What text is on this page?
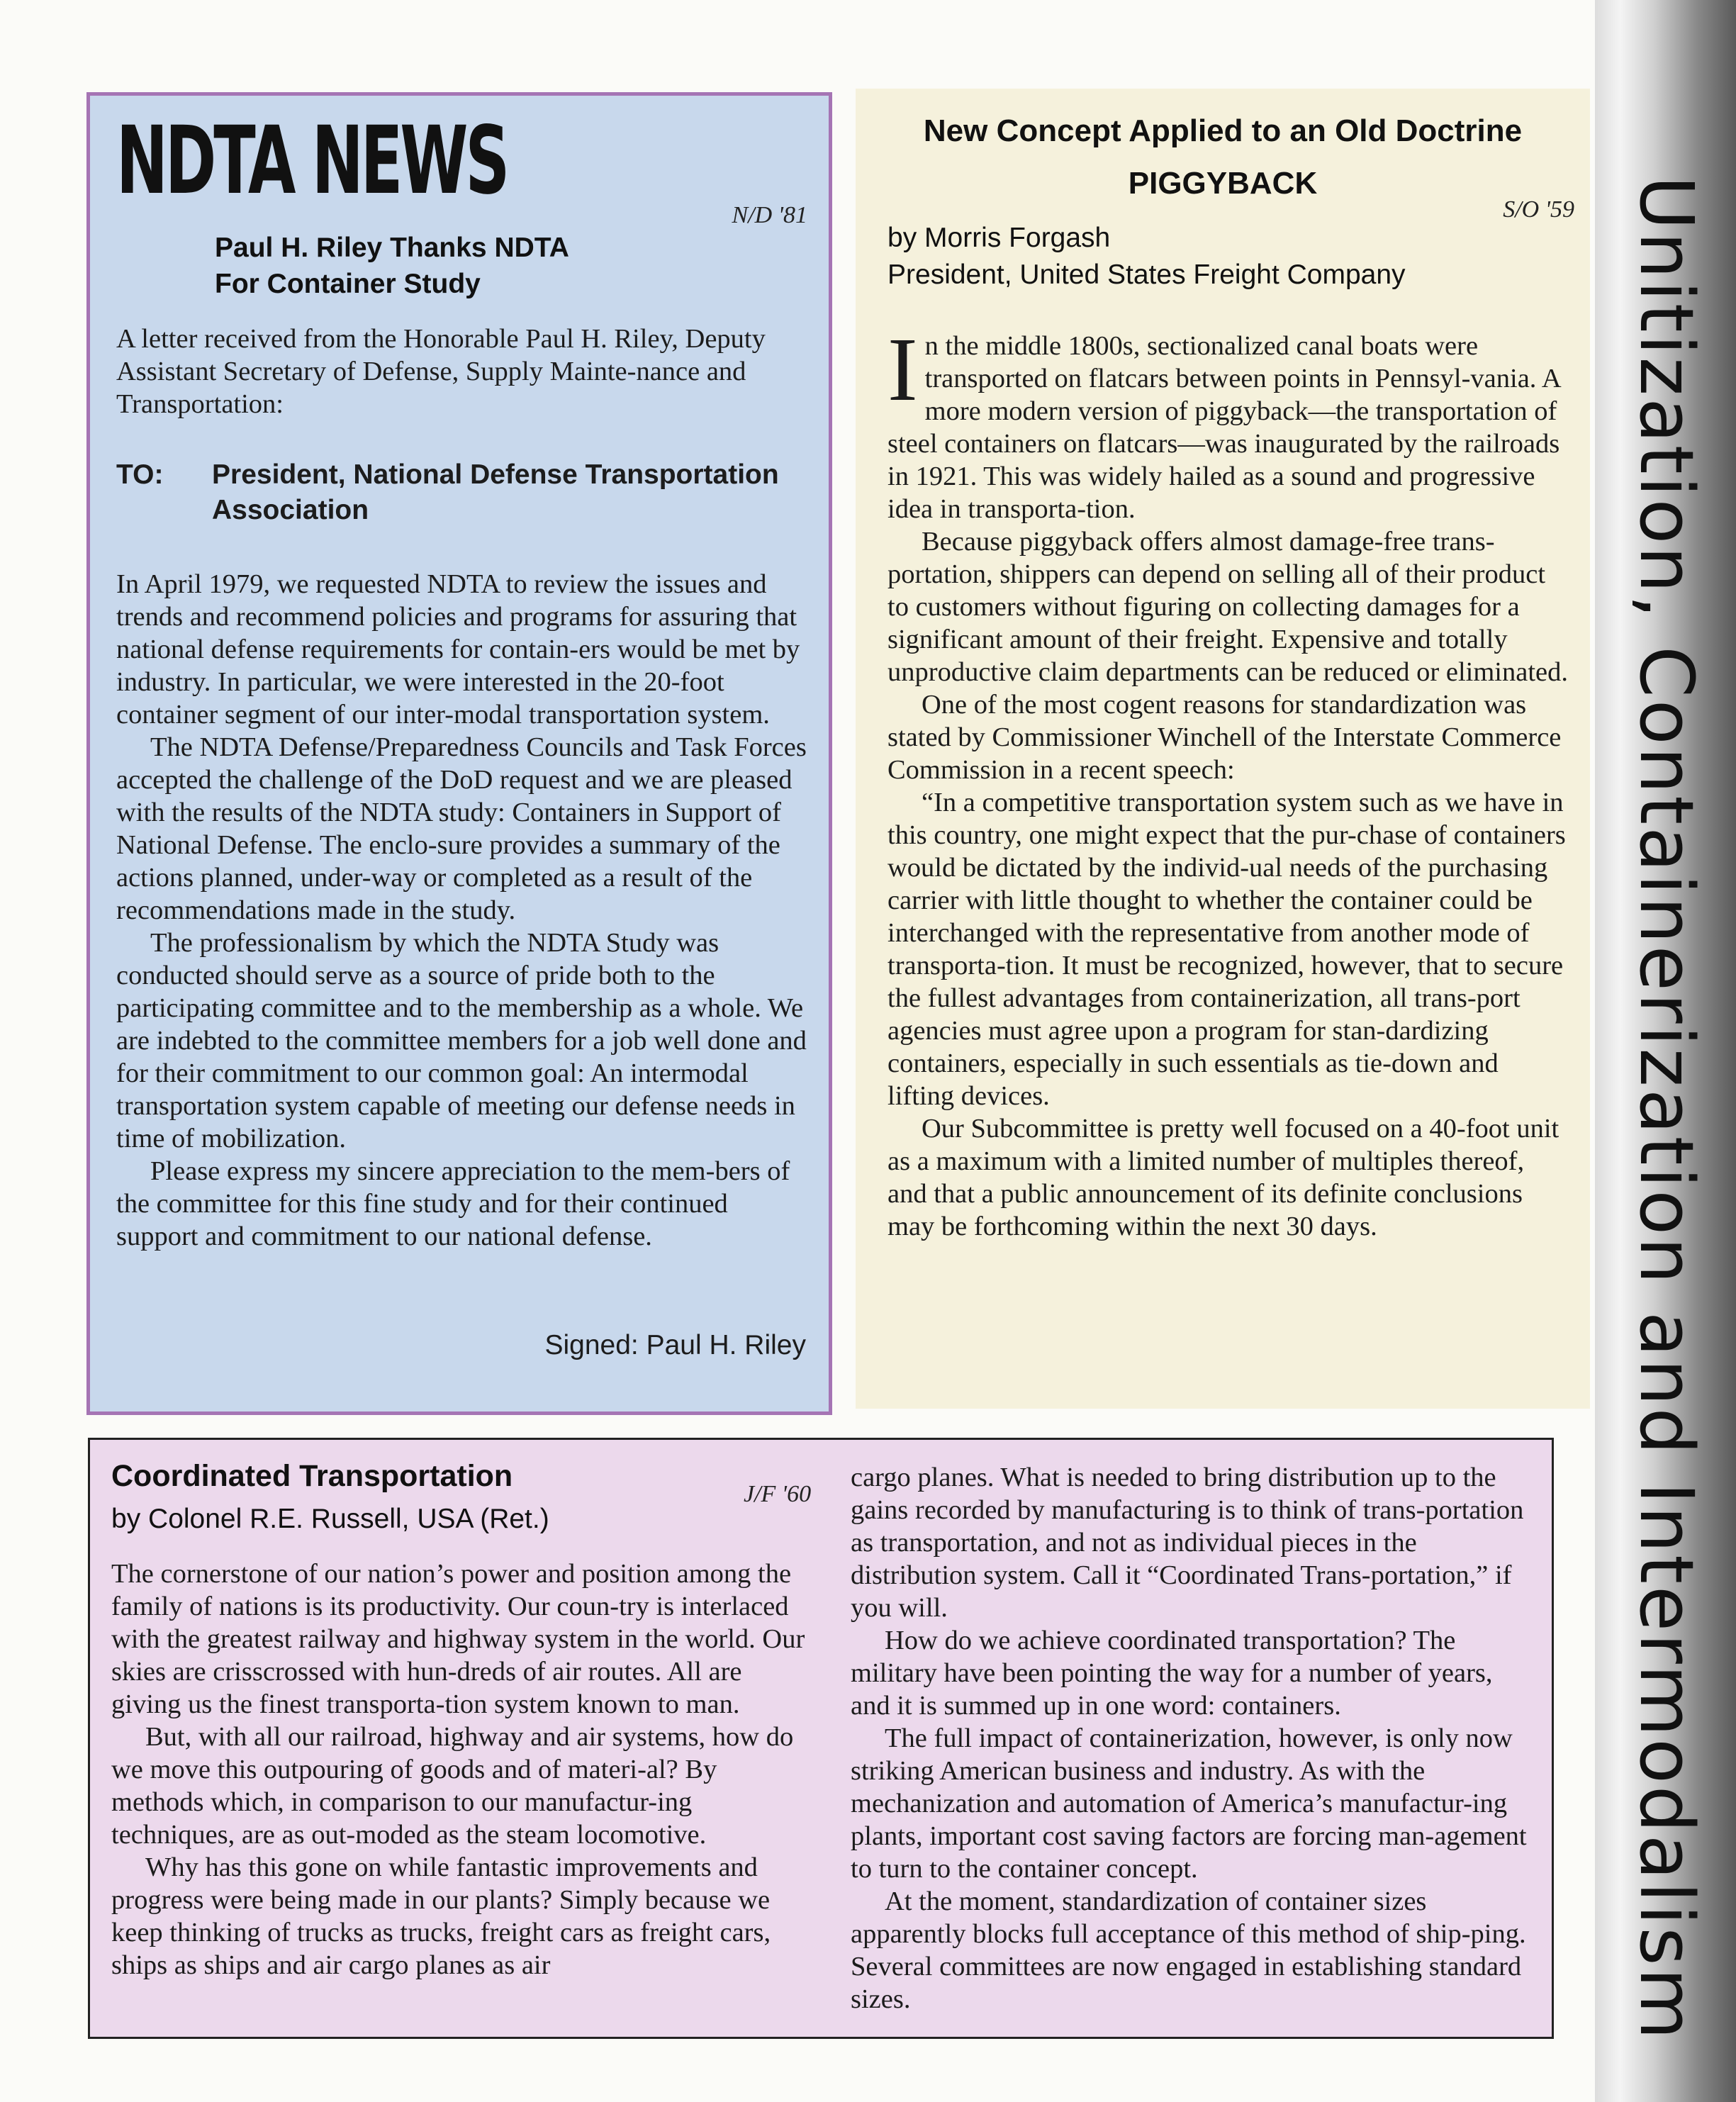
NDTA NEWS	N/D '81
Paul H. Riley Thanks NDTA
For Container Study

A letter received from the Honorable Paul H. Riley, Deputy Assistant Secretary of Defense, Supply Mainte-nance and Transportation:

TO: President, National Defense Transportation Association

In April 1979, we requested NDTA to review the issues and trends and recommend policies and programs for assuring that national defense requirements for contain-ers would be met by industry. In particular, we were interested in the 20-foot container segment of our inter-modal transportation system.

The NDTA Defense/Preparedness Councils and Task Forces accepted the challenge of the DoD request and we are pleased with the results of the NDTA study: Containers in Support of National Defense. The enclo-sure provides a summary of the actions planned, under-way or completed as a result of the recommendations made in the study.

The professionalism by which the NDTA Study was conducted should serve as a source of pride both to the participating committee and to the membership as a whole. We are indebted to the committee members for a job well done and for their commitment to our common goal: An intermodal transportation system capable of meeting our defense needs in time of mobilization.

Please express my sincere appreciation to the mem-bers of the committee for this fine study and for their continued support and commitment to our national defense.

Signed: Paul H. Riley
New Concept Applied to an Old Doctrine
PIGGYBACK
S/O '59
by Morris Forgash
President, United States Freight Company

In the middle 1800s, sectionalized canal boats were transported on flatcars between points in Pennsyl-vania. A more modern version of piggyback—the transportation of steel containers on flatcars—was inaugurated by the railroads in 1921. This was widely hailed as a sound and progressive idea in transporta-tion.

Because piggyback offers almost damage-free trans-portation, shippers can depend on selling all of their product to customers without figuring on collecting damages for a significant amount of their freight. Expensive and totally unproductive claim departments can be reduced or eliminated.

One of the most cogent reasons for standardization was stated by Commissioner Winchell of the Interstate Commerce Commission in a recent speech:

“In a competitive transportation system such as we have in this country, one might expect that the pur-chase of containers would be dictated by the individ-ual needs of the purchasing carrier with little thought to whether the container could be interchanged with the representative from another mode of transporta-tion. It must be recognized, however, that to secure the fullest advantages from containerization, all trans-port agencies must agree upon a program for stan-dardizing containers, especially in such essentials as tie-down and lifting devices.

Our Subcommittee is pretty well focused on a 40-foot unit as a maximum with a limited number of multiples thereof, and that a public announcement of its definite conclusions may be forthcoming within the next 30 days.

Coordinated Transportation
J/F '60
by Colonel R.E. Russell, USA (Ret.)

The cornerstone of our nation’s power and position among the family of nations is its productivity. Our coun-try is interlaced with the greatest railway and highway system in the world. Our skies are crisscrossed with hun-dreds of air routes. All are giving us the finest transporta-tion system known to man.

But, with all our railroad, highway and air systems, how do we move this outpouring of goods and of materi-al? By methods which, in comparison to our manufactur-ing techniques, are as out-moded as the steam locomotive.

Why has this gone on while fantastic improvements and progress were being made in our plants? Simply because we keep thinking of trucks as trucks, freight cars as freight cars, ships as ships and air cargo planes as air

cargo planes. What is needed to bring distribution up to the gains recorded by manufacturing is to think of trans-portation as transportation, and not as individual pieces in the distribution system. Call it “Coordinated Trans-portation,” if you will.

How do we achieve coordinated transportation? The military have been pointing the way for a number of years, and it is summed up in one word: containers.

The full impact of containerization, however, is only now striking American business and industry. As with the mechanization and automation of America’s manufactur-ing plants, important cost saving factors are forcing man-agement to turn to the container concept.

At the moment, standardization of container sizes apparently blocks full acceptance of this method of ship-ping. Several committees are now engaged in establishing standard sizes.	Unitization, Containerization and Intermodalism
